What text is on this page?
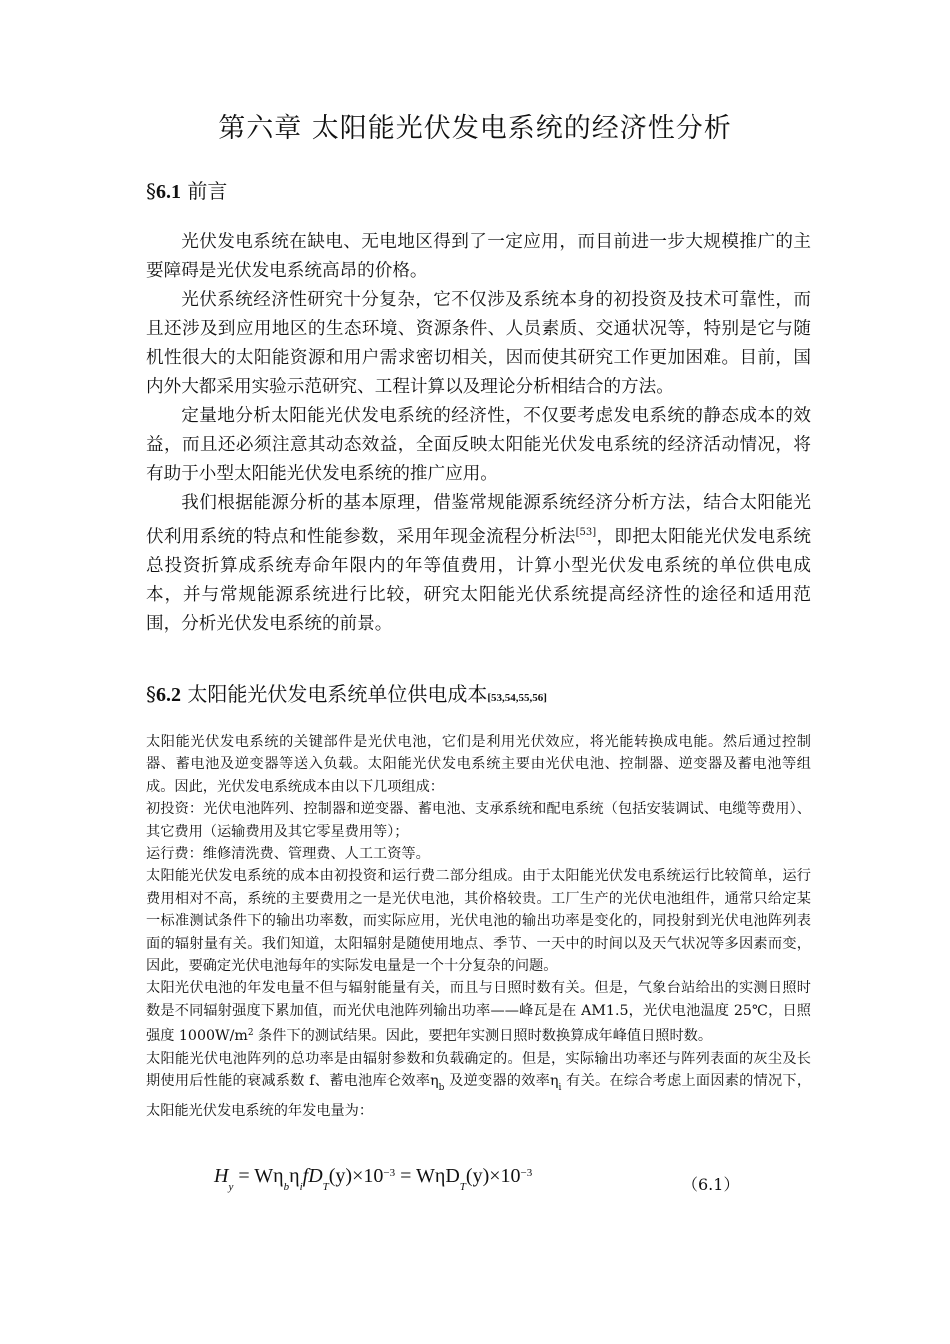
第六章 太阳能光伏发电系统的经济性分析
§6.1 前言

光伏发电系统在缺电、无电地区得到了一定应用，而目前进一步大规模推广的主要障碍是光伏发电系统高昂的价格。

光伏系统经济性研究十分复杂，它不仅涉及系统本身的初投资及技术可靠性，而且还涉及到应用地区的生态环境、资源条件、人员素质、交通状况等，特别是它与随机性很大的太阳能资源和用户需求密切相关，因而使其研究工作更加困难。目前，国内外大都采用实验示范研究、工程计算以及理论分析相结合的方法。

定量地分析太阳能光伏发电系统的经济性，不仅要考虑发电系统的静态成本的效益，而且还必须注意其动态效益，全面反映太阳能光伏发电系统的经济活动情况，将有助于小型太阳能光伏发电系统的推广应用。

我们根据能源分析的基本原理，借鉴常规能源系统经济分析方法，结合太阳能光伏利用系统的特点和性能参数，采用年现金流程分析法[53]，即把太阳能光伏发电系统总投资折算成系统寿命年限内的年等值费用，计算小型光伏发电系统的单位供电成本，并与常规能源系统进行比较，研究太阳能光伏系统提高经济性的途径和适用范围，分析光伏发电系统的前景。

§6.2 太阳能光伏发电系统单位供电成本[53,54,55,56]

太阳能光伏发电系统的关键部件是光伏电池，它们是利用光伏效应，将光能转换成电能。然后通过控制器、蓄电池及逆变器等送入负载。太阳能光伏发电系统主要由光伏电池、控制器、逆变器及蓄电池等组成。因此，光伏发电系统成本由以下几项组成：

初投资：光伏电池阵列、控制器和逆变器、蓄电池、支承系统和配电系统（包括安装调试、电缆等费用）、其它费用（运输费用及其它零星费用等）；

运行费：维修清洗费、管理费、人工工资等。

太阳能光伏发电系统的成本由初投资和运行费二部分组成。由于太阳能光伏发电系统运行比较简单，运行费用相对不高，系统的主要费用之一是光伏电池，其价格较贵。工厂生产的光伏电池组件，通常只给定某一标准测试条件下的输出功率数，而实际应用，光伏电池的输出功率是变化的，同投射到光伏电池阵列表面的辐射量有关。我们知道，太阳辐射是随使用地点、季节、一天中的时间以及天气状况等多因素而变，因此，要确定光伏电池每年的实际发电量是一个十分复杂的问题。

太阳光伏电池的年发电量不但与辐射能量有关，而且与日照时数有关。但是，气象台站给出的实测日照时数是不同辐射强度下累加值，而光伏电池阵列输出功率——峰瓦是在 AM1.5，光伏电池温度 25℃，日照强度 $1000W/m^2$ 条件下的测试结果。因此，要把年实测日照时数换算成年峰值日照时数。

太阳能光伏电池阵列的总功率是由辐射参数和负载确定的。但是，实际输出功率还与阵列表面的灰尘及长期使用后性能的衰减系数 f、蓄电池库仑效率$\eta_b$ 及逆变器的效率$\eta_i$ 有关。在综合考虑上面因素的情况下，太阳能光伏发电系统的年发电量为：

$H_y = W\eta_b\eta_ifD_T(y)\times 10^{-3} = W\eta D_T(y)\times 10^{-3}$
（6.1）
